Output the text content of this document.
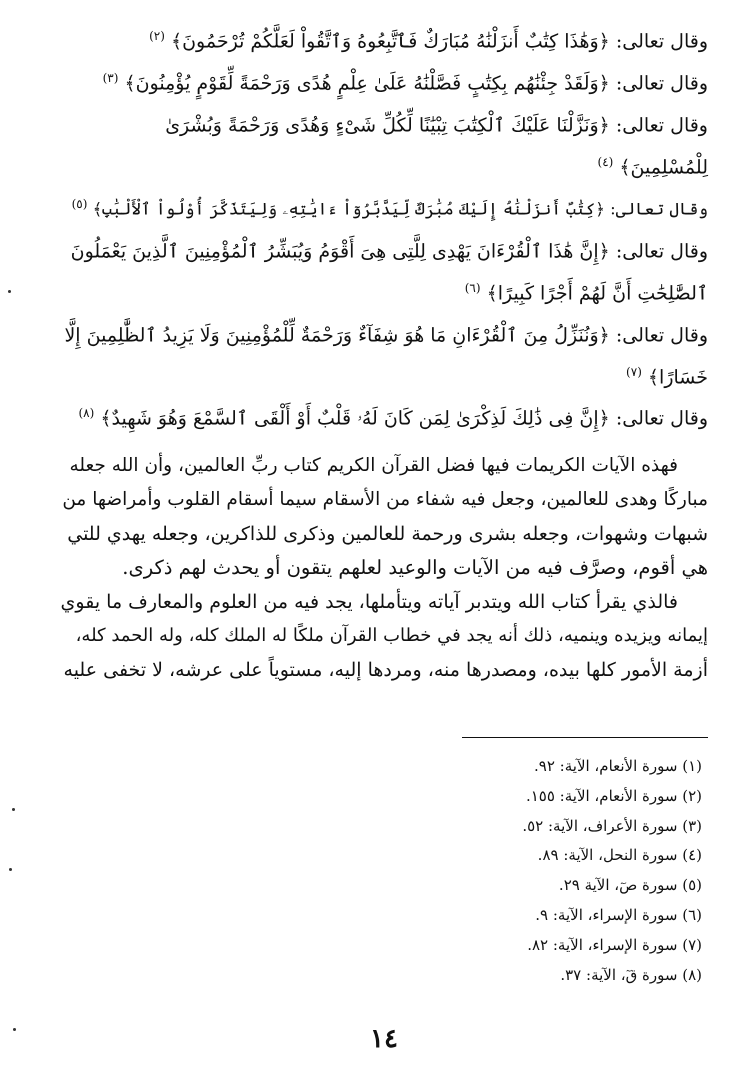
وقال تعالى: ﴿وَهَٰذَا كِتَٰبٌ أَنزَلْنَٰهُ مُبَارَكٌ فَٱتَّبِعُوهُ وَٱتَّقُواْ لَعَلَّكُمْ تُرْحَمُونَ﴾ $^{(٢)}$
وقال تعالى: ﴿وَلَقَدْ جِئْنَٰهُم بِكِتَٰبٍ فَصَّلْنَٰهُ عَلَىٰ عِلْمٍ هُدًى وَرَحْمَةً لِّقَوْمٍ يُؤْمِنُونَ﴾ $^{(٣)}$
وقال تعالى: ﴿وَنَزَّلْنَا عَلَيْكَ ٱلْكِتَٰبَ تِبْيَٰنًا لِّكُلِّ شَىْءٍ وَهُدًى وَرَحْمَةً وَبُشْرَىٰ
لِلْمُسْلِمِينَ﴾ $^{(٤)}$
وقال تعالى: ﴿كِتَٰبٌ أَنزَلْنَٰهُ إِلَيْكَ مُبَٰرَكٌ لِّيَدَّبَّرُوٓاْ ءَايَٰتِهِۦ وَلِيَتَذَكَّرَ أُوْلُواْ ٱلْأَلْبَٰبِ﴾ $^{(٥)}$
وقال تعالى: ﴿إِنَّ هَٰذَا ٱلْقُرْءَانَ يَهْدِى لِلَّتِى هِىَ أَقْوَمُ وَيُبَشِّرُ ٱلْمُؤْمِنِينَ ٱلَّذِينَ يَعْمَلُونَ
ٱلصَّٰلِحَٰتِ أَنَّ لَهُمْ أَجْرًا كَبِيرًا﴾ $^{(٦)}$
وقال تعالى: ﴿وَنُنَزِّلُ مِنَ ٱلْقُرْءَانِ مَا هُوَ شِفَآءٌ وَرَحْمَةٌ لِّلْمُؤْمِنِينَ وَلَا يَزِيدُ ٱلظَّٰلِمِينَ إِلَّا
خَسَارًا﴾ $^{(٧)}$
وقال تعالى: ﴿إِنَّ فِى ذَٰلِكَ لَذِكْرَىٰ لِمَن كَانَ لَهُۥ قَلْبٌ أَوْ أَلْقَى ٱلسَّمْعَ وَهُوَ شَهِيدٌ﴾ $^{(٨)}$
فهذه الآيات الكريمات فيها فضل القرآن الكريم كتاب ربِّ العالمين، وأن الله جعله
مباركًا وهدى للعالمين، وجعل فيه شفاء من الأسقام سيما أسقام القلوب وأمراضها من
شبهات وشهوات، وجعله بشرى ورحمة للعالمين وذكرى للذاكرين، وجعله يهدي للتي
هي أقوم، وصرَّف فيه من الآيات والوعيد لعلهم يتقون أو يحدث لهم ذكرى.
فالذي يقرأ كتاب الله ويتدبر آياته ويتأملها، يجد فيه من العلوم والمعارف ما يقوي
إيمانه ويزيده وينميه، ذلك أنه يجد في خطاب القرآن ملكًا له الملك كله، وله الحمد كله،
أزمة الأمور كلها بيده، ومصدرها منه، ومردها إليه، مستوياً على عرشه، لا تخفى عليه
(١) سورة الأنعام، الآية: ٩٢.
(٢) سورة الأنعام، الآية: ١٥٥.
(٣) سورة الأعراف، الآية: ٥٢.
(٤) سورة النحل، الآية: ٨٩.
(٥) سورة صٓ، الآية ٢٩.
(٦) سورة الإسراء، الآية: ٩.
(٧) سورة الإسراء، الآية: ٨٢.
(٨) سورة قٓ، الآية: ٣٧.
١٤
